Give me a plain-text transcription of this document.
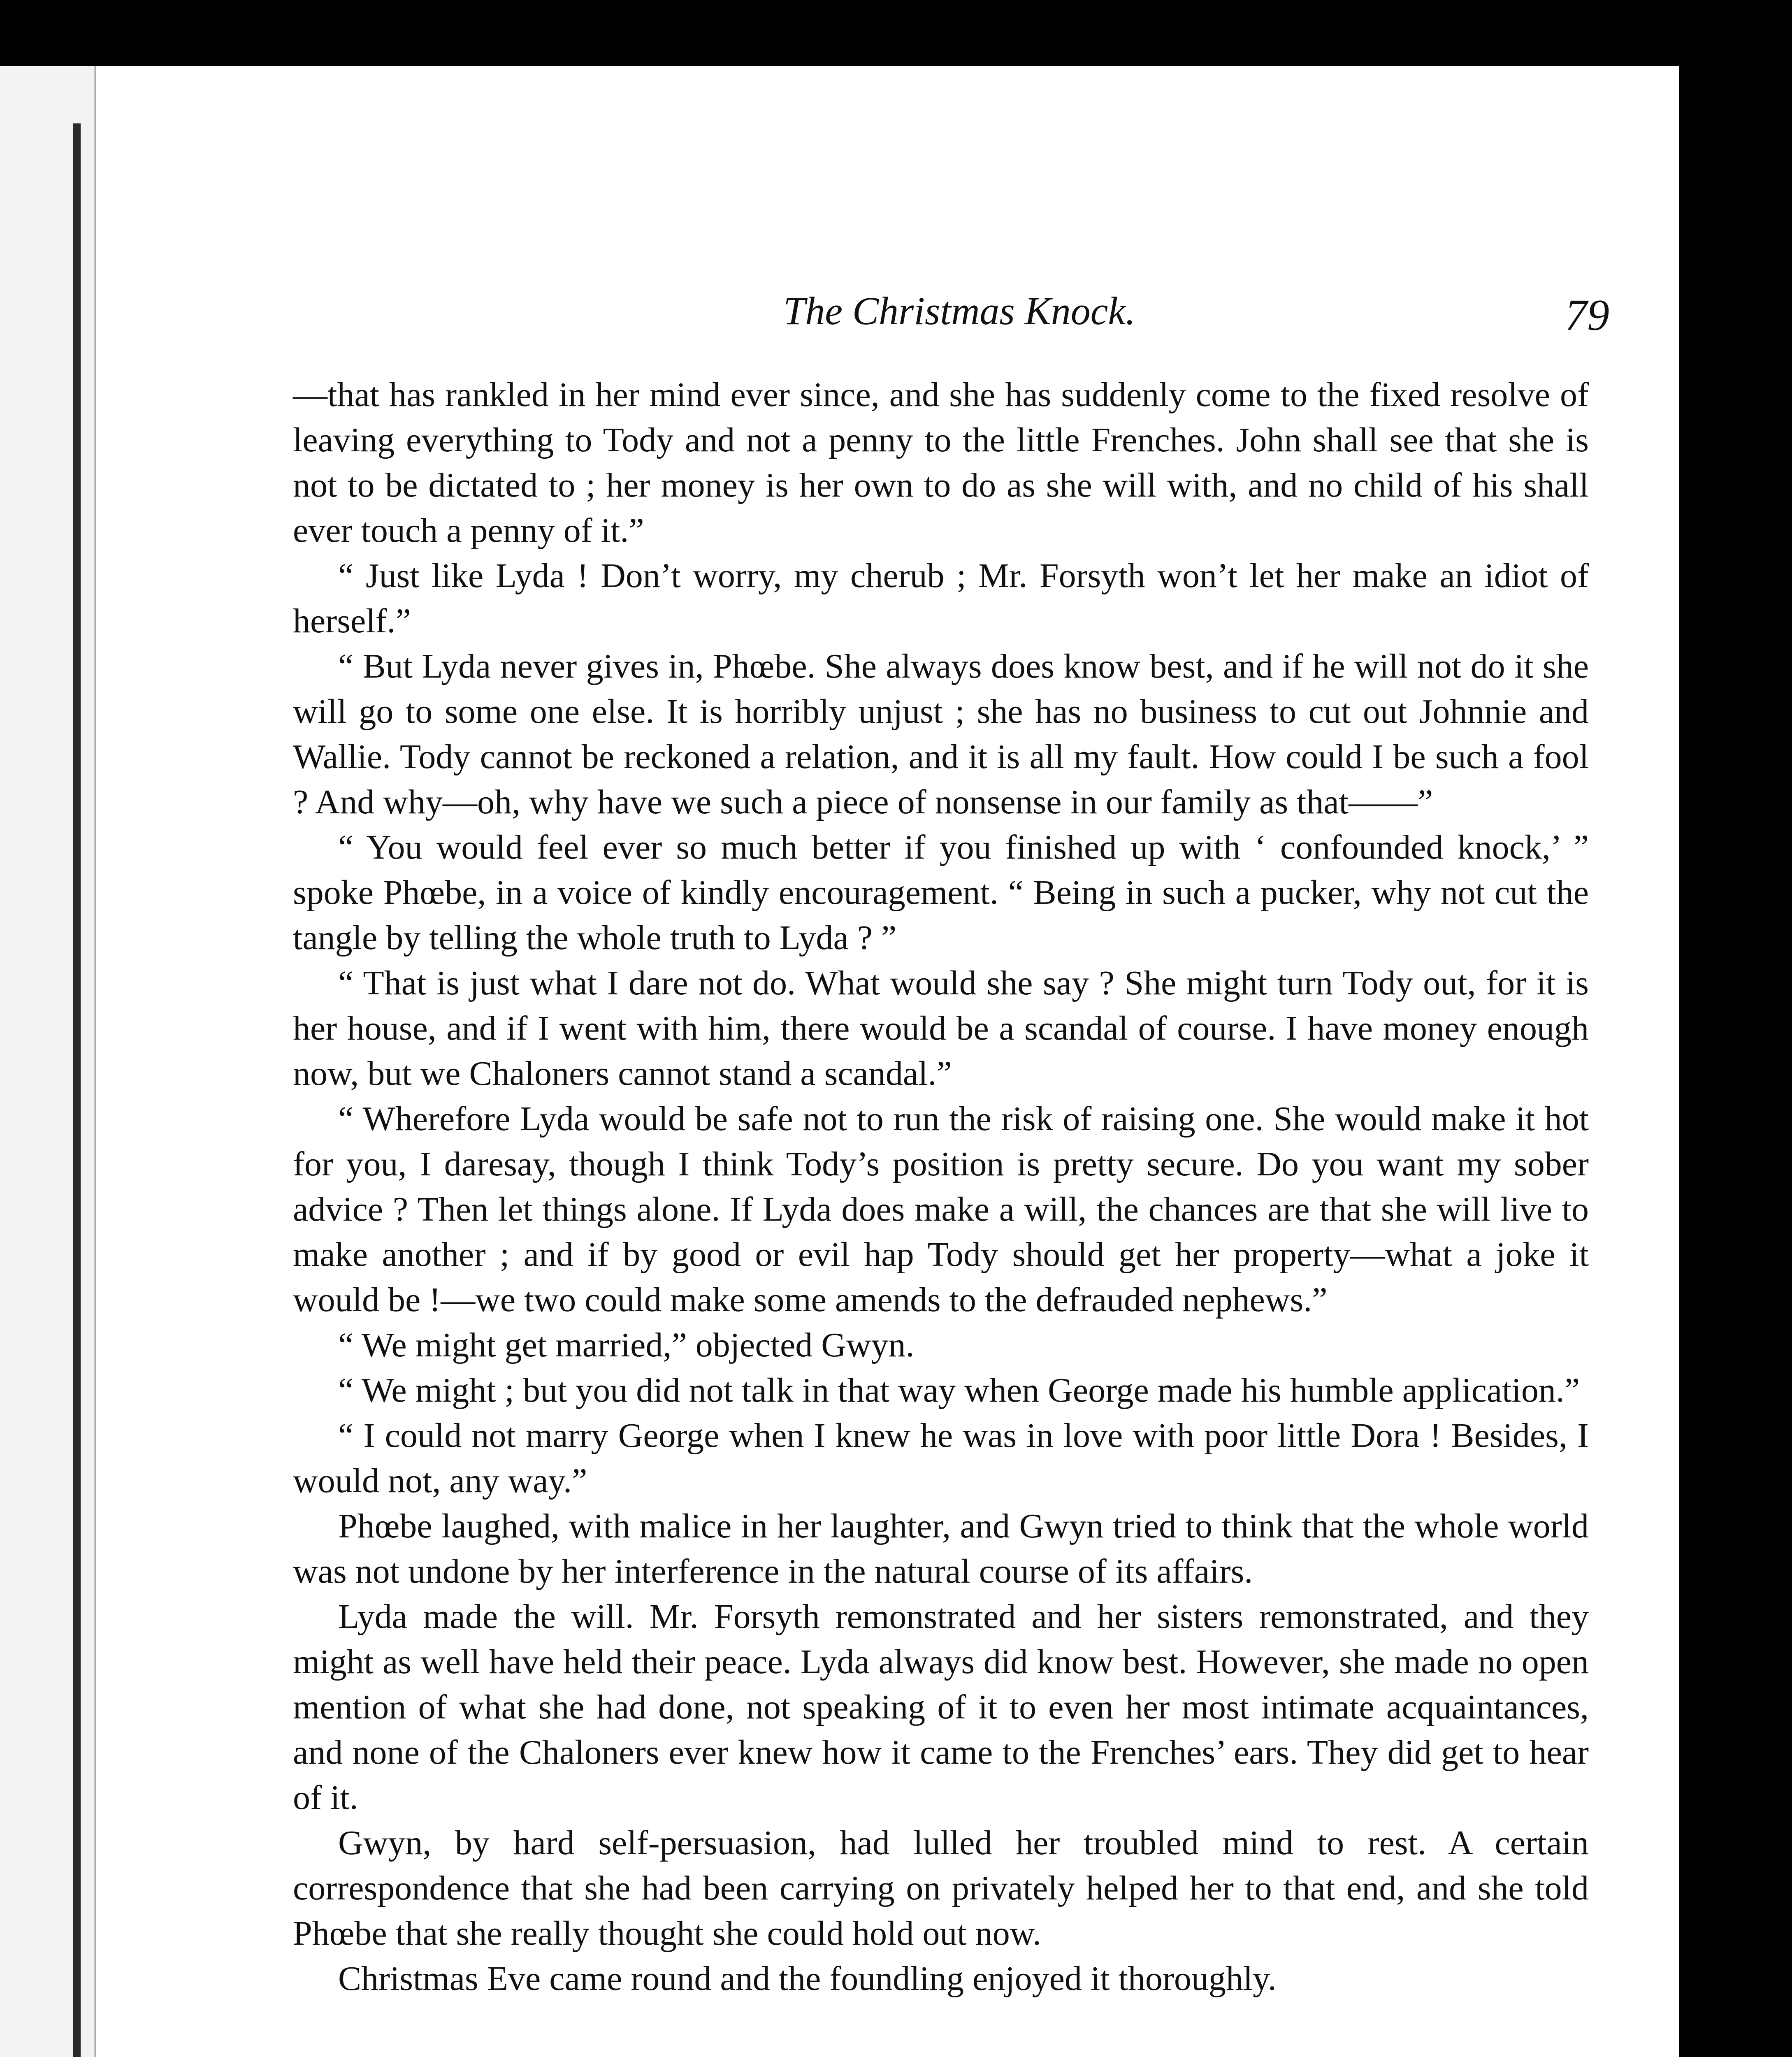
The Christmas Knock.	79

—that has rankled in her mind ever since, and she has suddenly come to the fixed resolve of leaving everything to Tody and not a penny to the little Frenches. John shall see that she is not to be dictated to ; her money is her own to do as she will with, and no child of his shall ever touch a penny of it.”

“ Just like Lyda ! Don’t worry, my cherub ; Mr. Forsyth won’t let her make an idiot of herself.”

“ But Lyda never gives in, Phœbe. She always does know best, and if he will not do it she will go to some one else. It is horribly unjust ; she has no business to cut out Johnnie and Wallie. Tody cannot be reckoned a relation, and it is all my fault. How could I be such a fool ? And why—oh, why have we such a piece of nonsense in our family as that——”

“ You would feel ever so much better if you finished up with ‘ confounded knock,’ ” spoke Phœbe, in a voice of kindly encouragement. “ Being in such a pucker, why not cut the tangle by telling the whole truth to Lyda ? ”

“ That is just what I dare not do. What would she say ? She might turn Tody out, for it is her house, and if I went with him, there would be a scandal of course. I have money enough now, but we Chaloners cannot stand a scandal.”

“ Wherefore Lyda would be safe not to run the risk of raising one. She would make it hot for you, I daresay, though I think Tody’s position is pretty secure. Do you want my sober advice ? Then let things alone. If Lyda does make a will, the chances are that she will live to make another ; and if by good or evil hap Tody should get her property—what a joke it would be !—we two could make some amends to the defrauded nephews.”

“ We might get married,” objected Gwyn.

“ We might ; but you did not talk in that way when George made his humble application.”

“ I could not marry George when I knew he was in love with poor little Dora ! Besides, I would not, any way.”

Phœbe laughed, with malice in her laughter, and Gwyn tried to think that the whole world was not undone by her interference in the natural course of its affairs.

Lyda made the will. Mr. Forsyth remonstrated and her sisters remonstrated, and they might as well have held their peace. Lyda always did know best. However, she made no open mention of what she had done, not speaking of it to even her most intimate acquaintances, and none of the Chaloners ever knew how it came to the Frenches’ ears. They did get to hear of it.

Gwyn, by hard self-persuasion, had lulled her troubled mind to rest. A certain correspondence that she had been carrying on privately helped her to that end, and she told Phœbe that she really thought she could hold out now.

Christmas Eve came round and the foundling enjoyed it thoroughly.
